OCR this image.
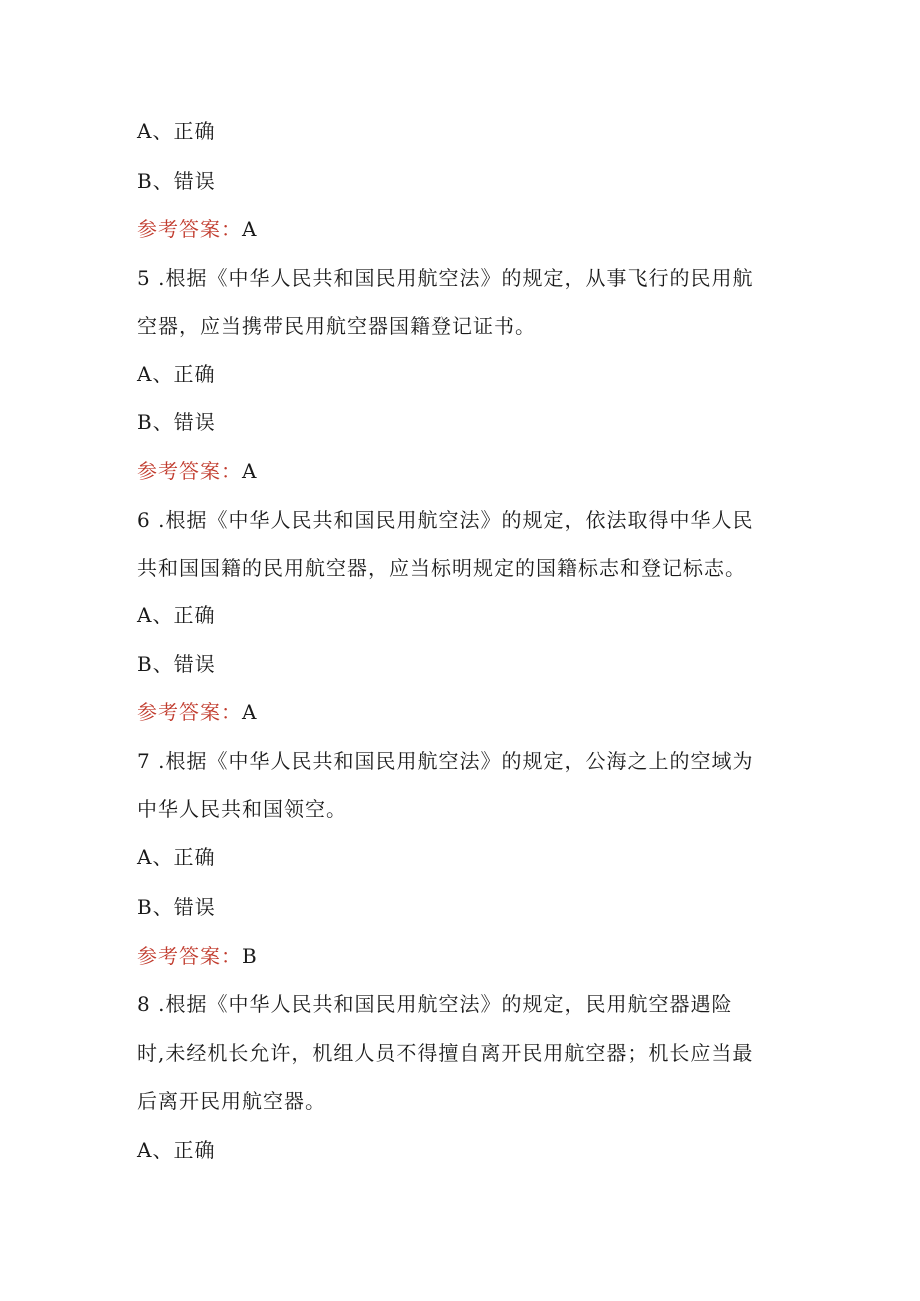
A、正确
B、错误
参考答案：A
5 .根据《中华人民共和国民用航空法》的规定，从事飞行的民用航
空器，应当携带民用航空器国籍登记证书。
A、正确
B、错误
参考答案：A
6 .根据《中华人民共和国民用航空法》的规定，依法取得中华人民
共和国国籍的民用航空器，应当标明规定的国籍标志和登记标志。
A、正确
B、错误
参考答案：A
7 .根据《中华人民共和国民用航空法》的规定，公海之上的空域为
中华人民共和国领空。
A、正确
B、错误
参考答案：B
8 .根据《中华人民共和国民用航空法》的规定，民用航空器遇险
时,未经机长允许，机组人员不得擅自离开民用航空器；机长应当最
后离开民用航空器。
A、正确
